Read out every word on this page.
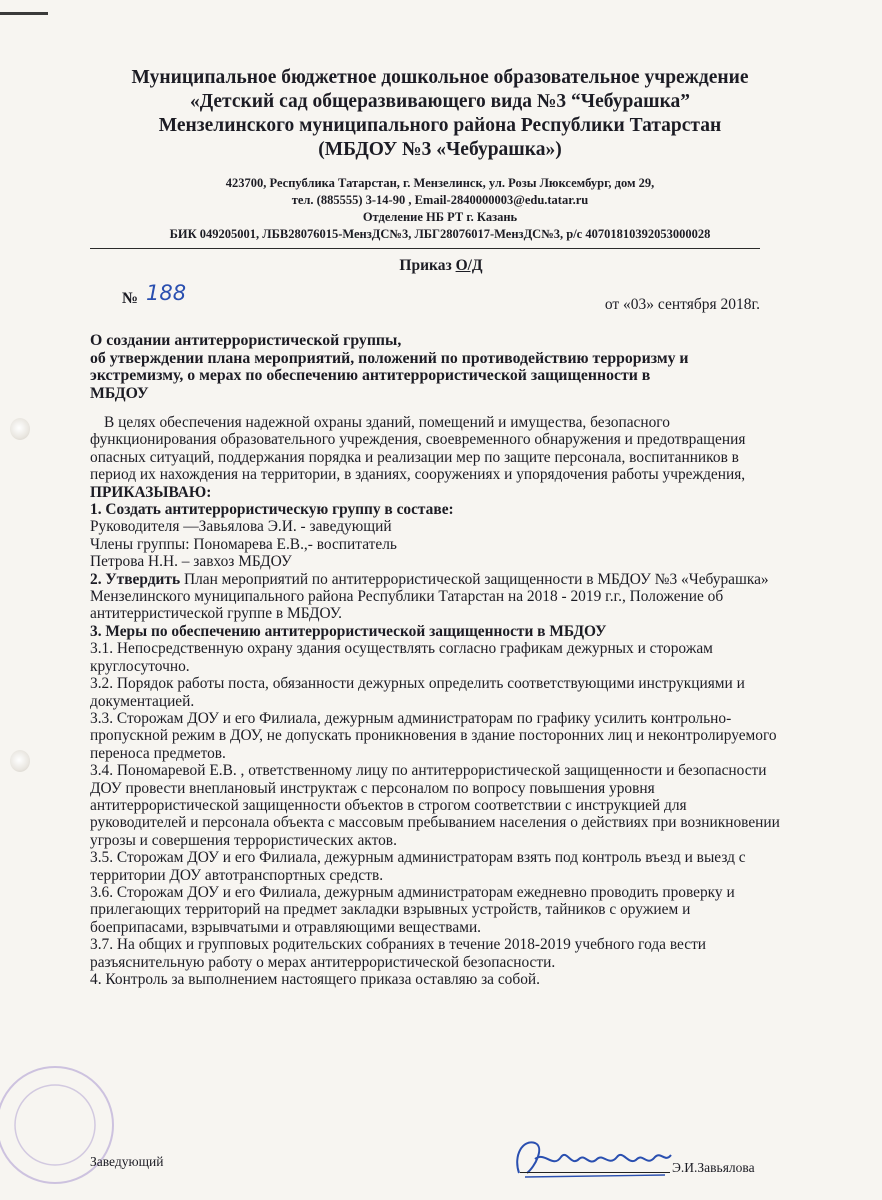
Муниципальное бюджетное дошкольное образовательное учреждение
«Детский сад общеразвивающего вида №3 “Чебурашка”
Мензелинского муниципального района Республики Татарстан
(МБДОУ №3 «Чебурашка»)
423700, Республика Татарстан, г. Мензелинск, ул. Розы Люксембург, дом 29,
тел. (885555) 3-14-90 , Email-2840000003@edu.tatar.ru
Отделение НБ РТ г. Казань
БИК 049205001, ЛБВ28076015-МензДС№3, ЛБГ28076017-МензДС№3, р/с 40701810392053000028
Приказ О/Д
№ 188	от «03» сентября 2018г.
О создании антитеррористической группы,
об утверждении плана мероприятий, положений по противодействию терроризму и
экстремизму, о мерах по обеспечению антитеррористической защищенности в
МБДОУ

В целях обеспечения надежной охраны зданий, помещений и имущества, безопасного функционирования образовательного учреждения, своевременного обнаружения и предотвращения опасных ситуаций, поддержания порядка и реализации мер по защите персонала, воспитанников в период их нахождения на территории, в зданиях, сооружениях и упорядочения работы учреждения,

ПРИКАЗЫВАЮ:

1. Создать антитеррористическую группу в составе:

Руководителя —Завьялова Э.И. - заведующий

Члены группы: Пономарева Е.В.,- воспитатель

Петрова Н.Н. – завхоз МБДОУ

2. Утвердить План мероприятий по антитеррористической защищенности в МБДОУ №3 «Чебурашка» Мензелинского муниципального района Республики Татарстан на 2018 - 2019 г.г., Положение об антитерристической группе в МБДОУ.

3. Меры по обеспечению антитеррористической защищенности в МБДОУ

3.1. Непосредственную охрану здания осуществлять согласно графикам дежурных и сторожам круглосуточно.

3.2. Порядок работы поста, обязанности дежурных определить соответствующими инструкциями и документацией.

3.3. Сторожам ДОУ и его Филиала, дежурным администраторам по графику усилить контрольно-пропускной режим в ДОУ, не допускать проникновения в здание посторонних лиц и неконтролируемого переноса предметов.

3.4. Пономаревой Е.В. , ответственному лицу по антитеррористической защищенности и безопасности ДОУ провести внеплановый инструктаж с персоналом по вопросу повышения уровня антитеррористической защищенности объектов в строгом соответствии с инструкцией для руководителей и персонала объекта с массовым пребыванием населения о действиях при возникновении угрозы и совершения террористических актов.

3.5. Сторожам ДОУ и его Филиала, дежурным администраторам взять под контроль въезд и выезд с территории ДОУ автотранспортных средств.

3.6. Сторожам ДОУ и его Филиала, дежурным администраторам ежедневно проводить проверку и прилегающих территорий на предмет закладки взрывных устройств, тайников с оружием и боеприпасами, взрывчатыми и отравляющими веществами.

3.7. На общих и групповых родительских собраниях в течение 2018-2019 учебного года вести разъяснительную работу о мерах антитеррористической безопасности.

4. Контроль за выполнением настоящего приказа оставляю за собой.

Заведующий	Э.И.Завьялова
